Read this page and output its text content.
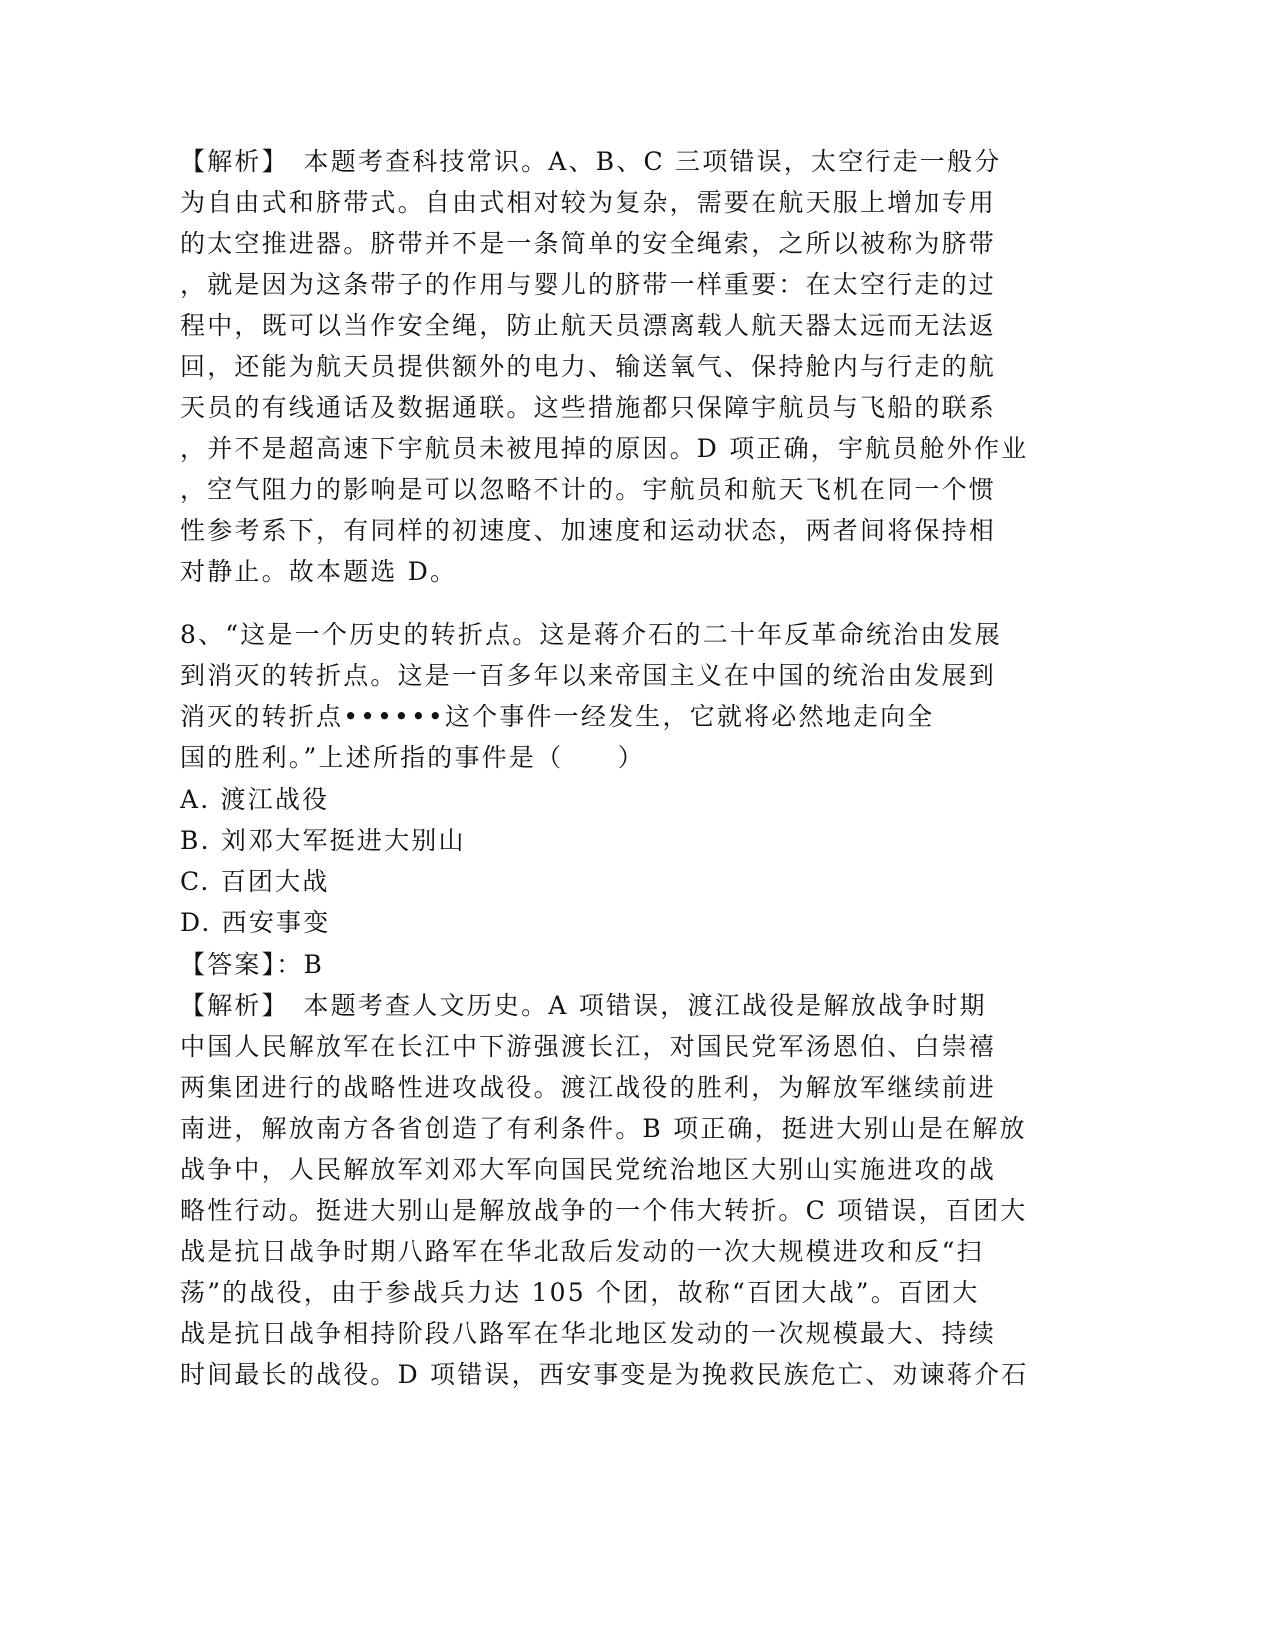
【解析】　本题考查科技常识。A、B、C 三项错误，太空行走一般分
为自由式和脐带式。自由式相对较为复杂，需要在航天服上增加专用
的太空推进器。脐带并不是一条简单的安全绳索，之所以被称为脐带
，就是因为这条带子的作用与婴儿的脐带一样重要：在太空行走的过
程中，既可以当作安全绳，防止航天员漂离载人航天器太远而无法返
回，还能为航天员提供额外的电力、输送氧气、保持舱内与行走的航
天员的有线通话及数据通联。这些措施都只保障宇航员与飞船的联系
，并不是超高速下宇航员未被甩掉的原因。D 项正确，宇航员舱外作业
，空气阻力的影响是可以忽略不计的。宇航员和航天飞机在同一个惯
性参考系下，有同样的初速度、加速度和运动状态，两者间将保持相
对静止。故本题选 D。
8、“这是一个历史的转折点。这是蒋介石的二十年反革命统治由发展
到消灭的转折点。这是一百多年以来帝国主义在中国的统治由发展到
消灭的转折点••••••这个事件一经发生，它就将必然地走向全
国的胜利。”上述所指的事件是（　　）
A. 渡江战役
B. 刘邓大军挺进大别山
C. 百团大战
D. 西安事变
【答案】：B
【解析】　本题考查人文历史。A 项错误，渡江战役是解放战争时期
中国人民解放军在长江中下游强渡长江，对国民党军汤恩伯、白崇禧
两集团进行的战略性进攻战役。渡江战役的胜利，为解放军继续前进
南进，解放南方各省创造了有利条件。B 项正确，挺进大别山是在解放
战争中，人民解放军刘邓大军向国民党统治地区大别山实施进攻的战
略性行动。挺进大别山是解放战争的一个伟大转折。C 项错误，百团大
战是抗日战争时期八路军在华北敌后发动的一次大规模进攻和反“扫
荡”的战役，由于参战兵力达 105 个团，故称“百团大战”。百团大
战是抗日战争相持阶段八路军在华北地区发动的一次规模最大、持续
时间最长的战役。D 项错误，西安事变是为挽救民族危亡、劝谏蒋介石
